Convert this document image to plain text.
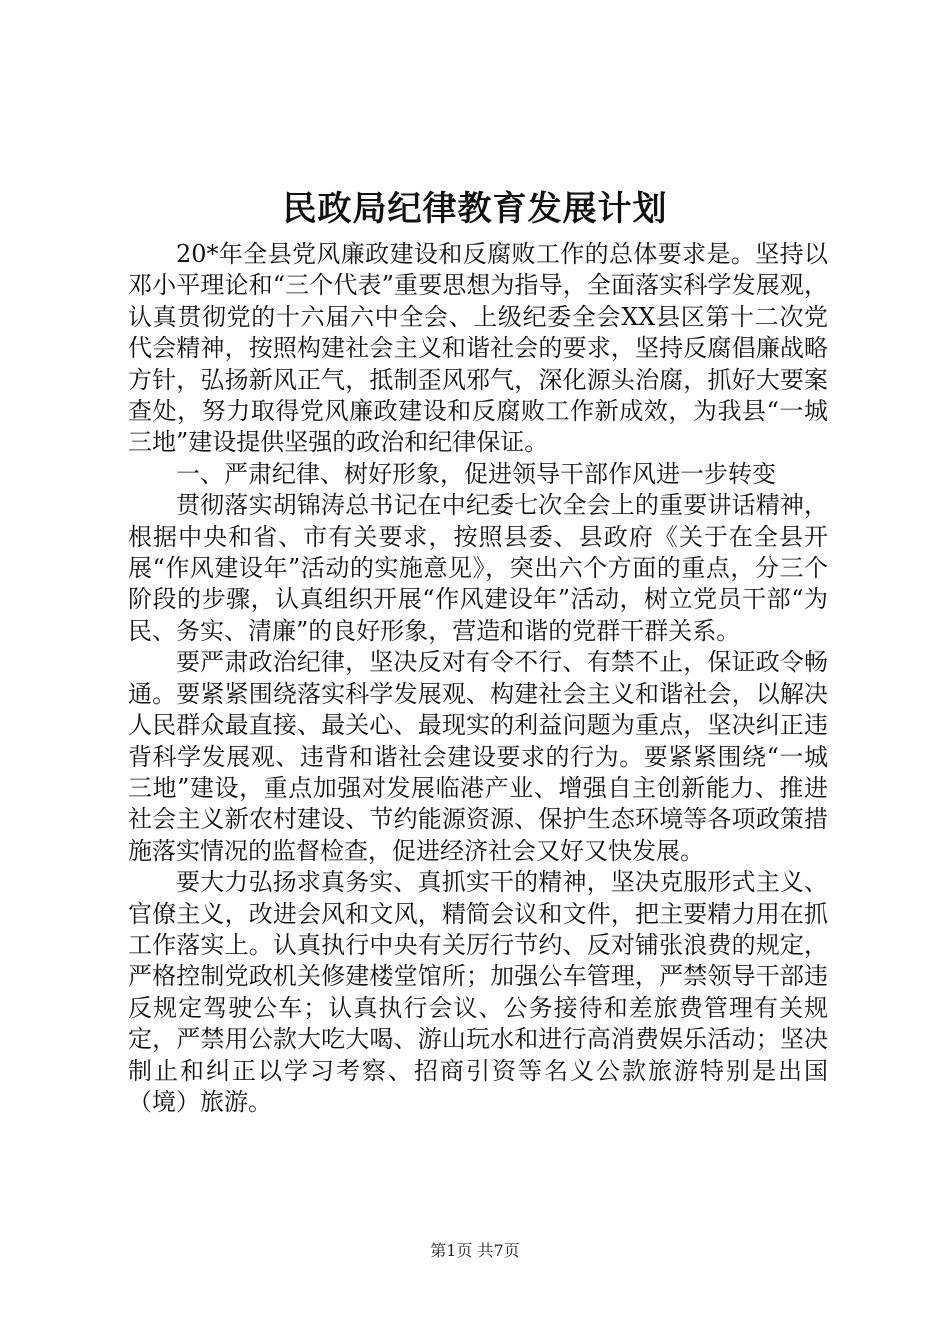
民政局纪律教育发展计划

20*年全县党风廉政建设和反腐败工作的总体要求是。坚持以邓小平理论和“三个代表”重要思想为指导，全面落实科学发展观，认真贯彻党的十六届六中全会、上级纪委全会XX县区第十二次党代会精神，按照构建社会主义和谐社会的要求，坚持反腐倡廉战略方针，弘扬新风正气，抵制歪风邪气，深化源头治腐，抓好大要案查处，努力取得党风廉政建设和反腐败工作新成效，为我县“一城三地”建设提供坚强的政治和纪律保证。

一、严肃纪律、树好形象，促进领导干部作风进一步转变

贯彻落实胡锦涛总书记在中纪委七次全会上的重要讲话精神，根据中央和省、市有关要求，按照县委、县政府《关于在全县开展“作风建设年”活动的实施意见》，突出六个方面的重点，分三个阶段的步骤，认真组织开展“作风建设年”活动，树立党员干部“为民、务实、清廉”的良好形象，营造和谐的党群干群关系。

要严肃政治纪律，坚决反对有令不行、有禁不止，保证政令畅通。要紧紧围绕落实科学发展观、构建社会主义和谐社会，以解决人民群众最直接、最关心、最现实的利益问题为重点，坚决纠正违背科学发展观、违背和谐社会建设要求的行为。要紧紧围绕“一城三地”建设，重点加强对发展临港产业、增强自主创新能力、推进社会主义新农村建设、节约能源资源、保护生态环境等各项政策措施落实情况的监督检查，促进经济社会又好又快发展。

要大力弘扬求真务实、真抓实干的精神，坚决克服形式主义、官僚主义，改进会风和文风，精简会议和文件，把主要精力用在抓工作落实上。认真执行中央有关厉行节约、反对铺张浪费的规定，严格控制党政机关修建楼堂馆所；加强公车管理，严禁领导干部违反规定驾驶公车；认真执行会议、公务接待和差旅费管理有关规定，严禁用公款大吃大喝、游山玩水和进行高消费娱乐活动；坚决制止和纠正以学习考察、招商引资等名义公款旅游特别是出国（境）旅游。

第1页 共7页
